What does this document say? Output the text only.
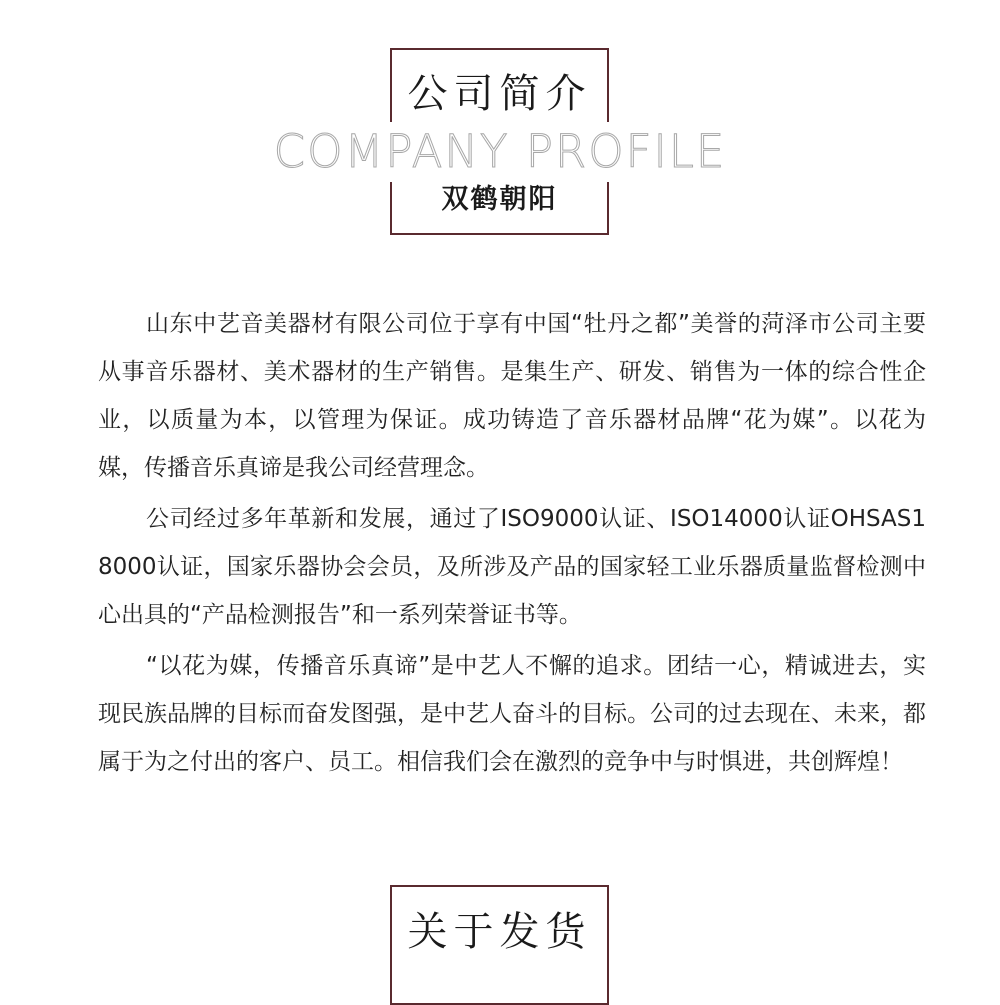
公司简介
COMPANY PROFILE
双鹤朝阳

山东中艺音美器材有限公司位于享有中国“牡丹之都”美誉的菏泽市公司主要从事音乐器材、美术器材的生产销售。是集生产、研发、销售为一体的综合性企业，以质量为本，以管理为保证。成功铸造了音乐器材品牌“花为媒”。以花为媒，传播音乐真谛是我公司经营理念。

公司经过多年革新和发展，通过了ISO9000认证、ISO14000认证OHSAS18000认证，国家乐器协会会员，及所涉及产品的国家轻工业乐器质量监督检测中心出具的“产品检测报告”和一系列荣誉证书等。

“以花为媒，传播音乐真谛”是中艺人不懈的追求。团结一心，精诚进去，实现民族品牌的目标而奋发图强，是中艺人奋斗的目标。公司的过去现在、未来，都属于为之付出的客户、员工。相信我们会在激烈的竞争中与时惧进，共创辉煌！

关于发货
